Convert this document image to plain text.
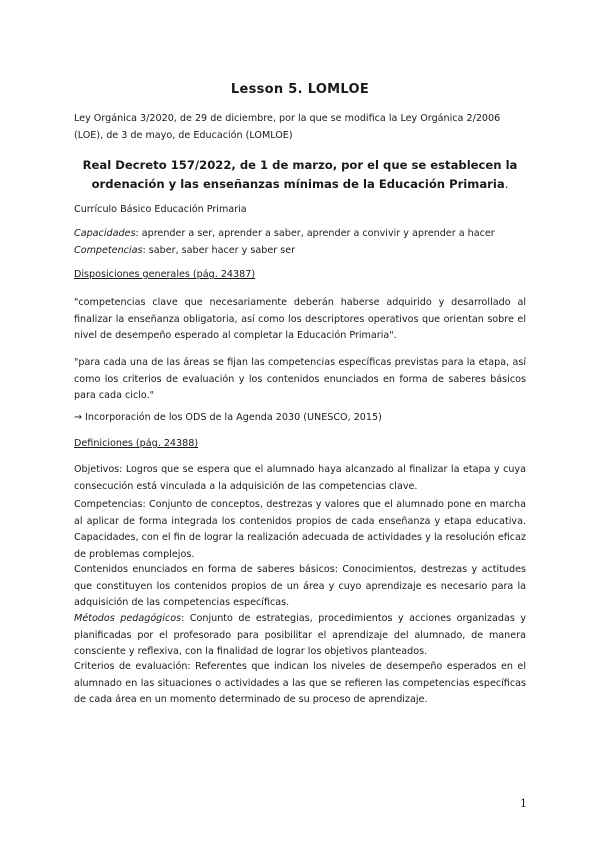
Lesson 5. LOMLOE
Ley Orgánica 3/2020, de 29 de diciembre, por la que se modifica la Ley Orgánica 2/2006 (LOE), de 3 de mayo, de Educación (LOMLOE)
Real Decreto 157/2022, de 1 de marzo, por el que se establecen la ordenación y las enseñanzas mínimas de la Educación Primaria.
Currículo Básico Educación Primaria
Capacidades: aprender a ser, aprender a saber, aprender a convivir y aprender a hacer
Competencias: saber, saber hacer y saber ser
Disposiciones generales (pág. 24387)
"competencias clave que necesariamente deberán haberse adquirido y desarrollado al finalizar la enseñanza obligatoria, así como los descriptores operativos que orientan sobre el nivel de desempeño esperado al completar la Educación Primaria".
"para cada una de las áreas se fijan las competencias específicas previstas para la etapa, así como los criterios de evaluación y los contenidos enunciados en forma de saberes básicos para cada ciclo."
→ Incorporación de los ODS de la Agenda 2030 (UNESCO, 2015)
Definiciones (pág. 24388)
Objetivos: Logros que se espera que el alumnado haya alcanzado al finalizar la etapa y cuya consecución está vinculada a la adquisición de las competencias clave.
Competencias: Conjunto de conceptos, destrezas y valores que el alumnado pone en marcha al aplicar de forma integrada los contenidos propios de cada enseñanza y etapa educativa. Capacidades, con el fin de lograr la realización adecuada de actividades y la resolución eficaz de problemas complejos.
Contenidos enunciados en forma de saberes básicos: Conocimientos, destrezas y actitudes que constituyen los contenidos propios de un área y cuyo aprendizaje es necesario para la adquisición de las competencias específicas.
Métodos pedagógicos: Conjunto de estrategias, procedimientos y acciones organizadas y planificadas por el profesorado para posibilitar el aprendizaje del alumnado, de manera consciente y reflexiva, con la finalidad de lograr los objetivos planteados.
Criterios de evaluación: Referentes que indican los niveles de desempeño esperados en el alumnado en las situaciones o actividades a las que se refieren las competencias específicas de cada área en un momento determinado de su proceso de aprendizaje.
1
